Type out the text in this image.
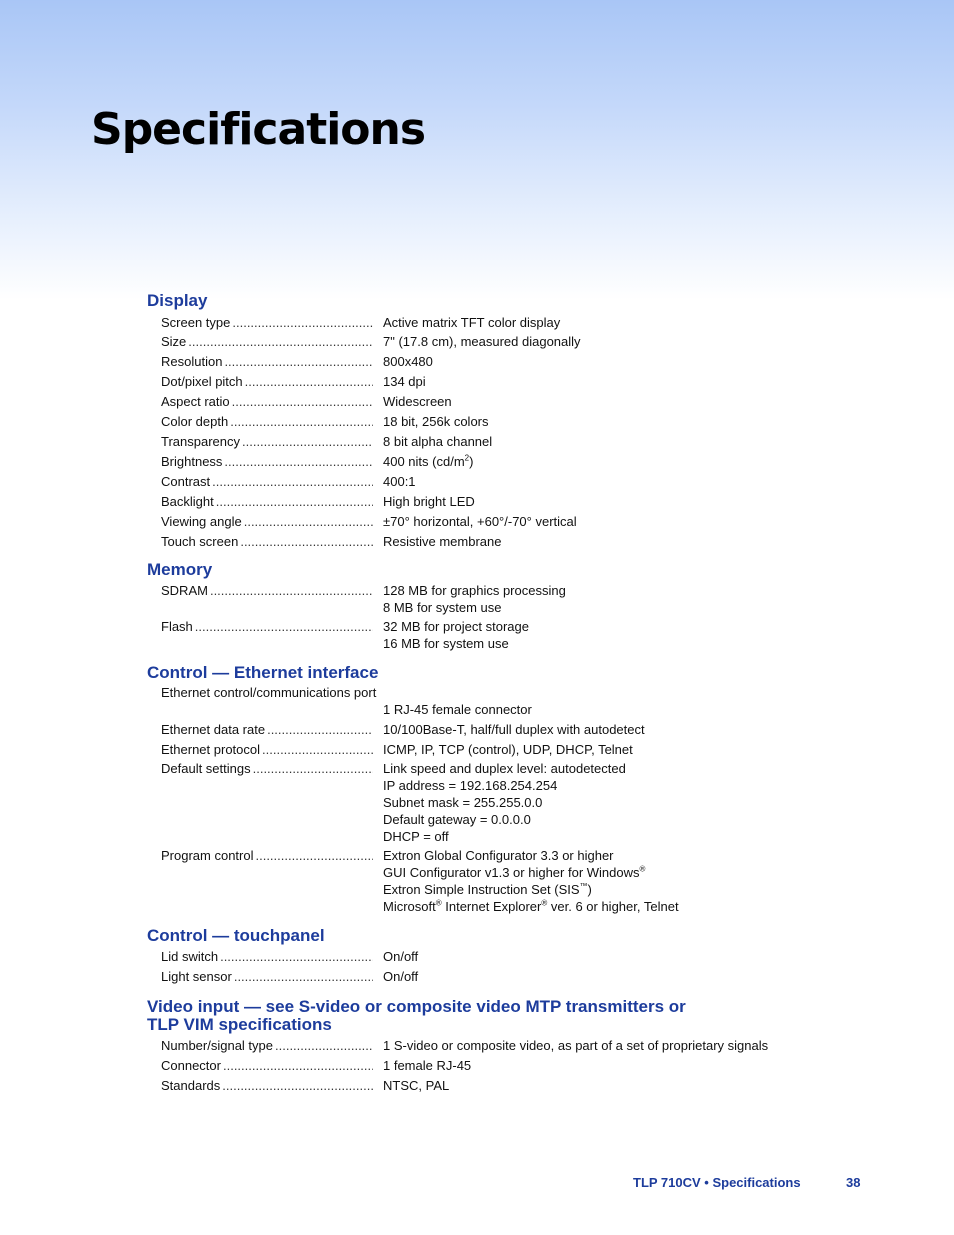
Specifications
Display
Screen type .....	Active matrix TFT color display
Size .....	7" (17.8 cm), measured diagonally
Resolution .....	800x480
Dot/pixel pitch .....	134 dpi
Aspect ratio .....	Widescreen
Color depth .....	18 bit, 256k colors
Transparency .....	8 bit alpha channel
Brightness .....	400 nits $(cd/m^2)$
Contrast .....	400:1
Backlight .....	High bright LED
Viewing angle .....	±70° horizontal, +60°/-70° vertical
Touch screen .....	Resistive membrane
Memory
SDRAM .....	128 MB for graphics processing
8 MB for system use
Flash .....	32 MB for project storage
16 MB for system use
Control — Ethernet interface
Ethernet control/communications port
1 RJ-45 female connector
Ethernet data rate .....	10/100Base-T, half/full duplex with autodetect
Ethernet protocol .....	ICMP, IP, TCP (control), UDP, DHCP, Telnet
Default settings .....	Link speed and duplex level: autodetected
IP address = 192.168.254.254
Subnet mask = 255.255.0.0
Default gateway = 0.0.0.0
DHCP = off
Program control .....	Extron Global Configurator 3.3 or higher
GUI Configurator v1.3 or higher for Windows®
Extron Simple Instruction Set (SIS™)
Microsoft® Internet Explorer® ver. 6 or higher, Telnet
Control — touchpanel
Lid switch .....	On/off
Light sensor .....	On/off
Video input — see S-video or composite video MTP transmitters or
TLP VIM specifications
Number/signal type .....	1 S-video or composite video, as part of a set of proprietary signals
Connector .....	1 female RJ-45
Standards .....	NTSC, PAL
TLP 710CV • Specifications	38
